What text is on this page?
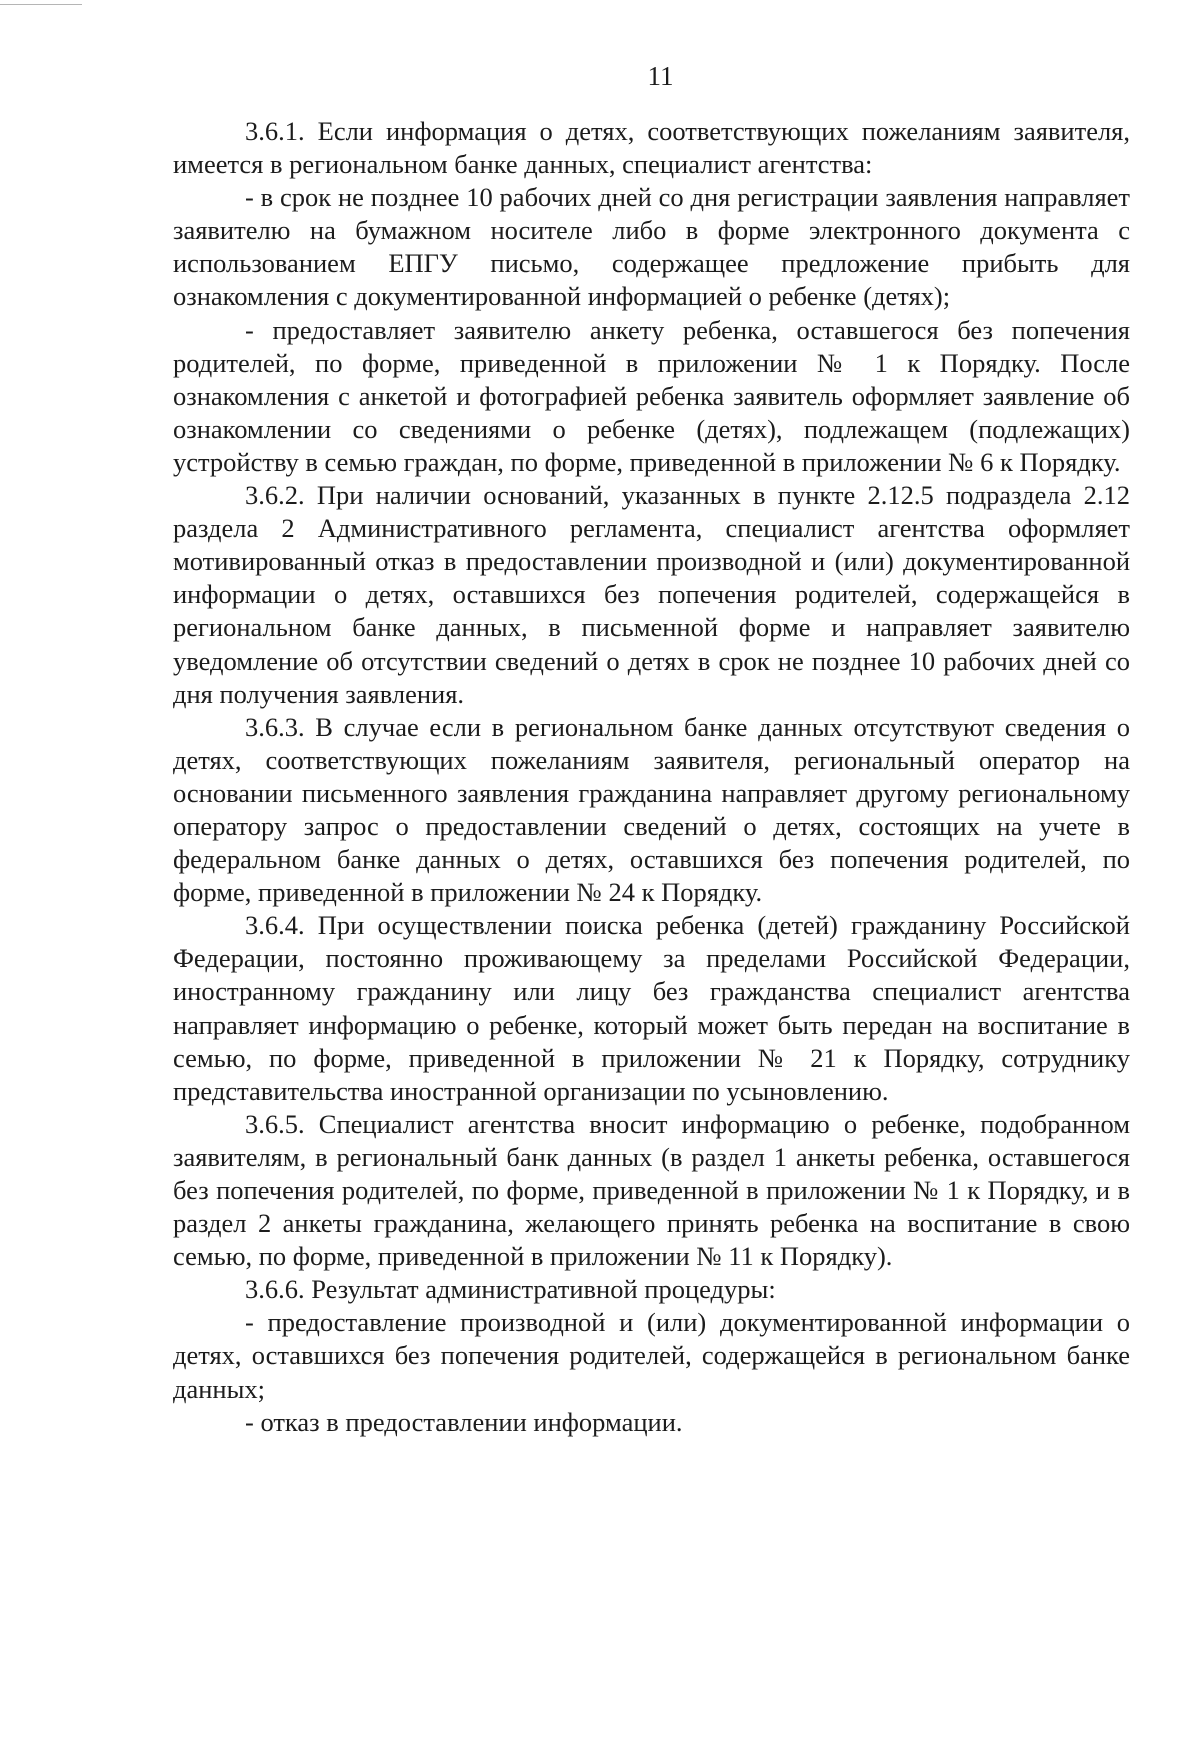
11

3.6.1. Если информация о детях, соответствующих пожеланиям заявителя, имеется в региональном банке данных, специалист агентства:

- в срок не позднее 10 рабочих дней со дня регистрации заявления направляет заявителю на бумажном носителе либо в форме электронного документа с использованием ЕПГУ письмо, содержащее предложение прибыть для ознакомления с документированной информацией о ребенке (детях);

- предоставляет заявителю анкету ребенка, оставшегося без попечения родителей, по форме, приведенной в приложении № 1 к Порядку. После ознакомления с анкетой и фотографией ребенка заявитель оформляет заявление об ознакомлении со сведениями о ребенке (детях), подлежащем (подлежащих) устройству в семью граждан, по форме, приведенной в приложении № 6 к Порядку.

3.6.2. При наличии оснований, указанных в пункте 2.12.5 подраздела 2.12 раздела 2 Административного регламента, специалист агентства оформляет мотивированный отказ в предоставлении производной и (или) документированной информации о детях, оставшихся без попечения родителей, содержащейся в региональном банке данных, в письменной форме и направляет заявителю уведомление об отсутствии сведений о детях в срок не позднее 10 рабочих дней со дня получения заявления.

3.6.3. В случае если в региональном банке данных отсутствуют сведения о детях, соответствующих пожеланиям заявителя, региональный оператор на основании письменного заявления гражданина направляет другому региональному оператору запрос о предоставлении сведений о детях, состоящих на учете в федеральном банке данных о детях, оставшихся без попечения родителей, по форме, приведенной в приложении № 24 к Порядку.

3.6.4. При осуществлении поиска ребенка (детей) гражданину Российской Федерации, постоянно проживающему за пределами Российской Федерации, иностранному гражданину или лицу без гражданства специалист агентства направляет информацию о ребенке, который может быть передан на воспитание в семью, по форме, приведенной в приложении № 21 к Порядку, сотруднику представительства иностранной организации по усыновлению.

3.6.5. Специалист агентства вносит информацию о ребенке, подобранном заявителям, в региональный банк данных (в раздел 1 анкеты ребенка, оставшегося без попечения родителей, по форме, приведенной в приложении № 1 к Порядку, и в раздел 2 анкеты гражданина, желающего принять ребенка на воспитание в свою семью, по форме, приведенной в приложении № 11 к Порядку).

3.6.6. Результат административной процедуры:

- предоставление производной и (или) документированной информации о детях, оставшихся без попечения родителей, содержащейся в региональном банке данных;

- отказ в предоставлении информации.
